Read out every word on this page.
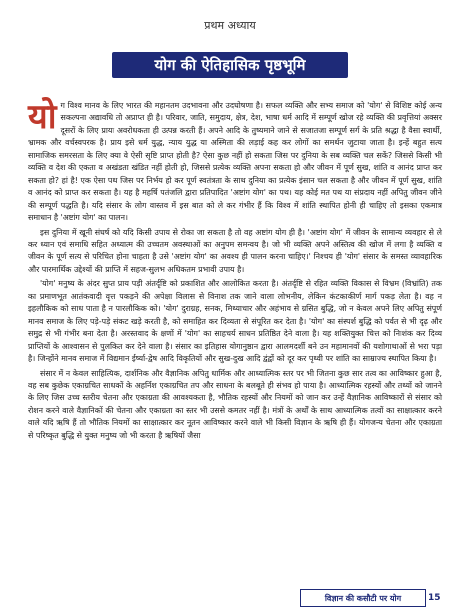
प्रथम अध्याय
योग की ऐतिहासिक पृष्ठभूमि

योग विश्व मानव के लिए भारत की महानतम उदभावना और उदघोषणा है। सफल व्यक्ति और सभ्य समाज को 'योग' से विशिष्ट कोई अन्य सकल्पना अद्यावधि तो अप्राप्त ही है। परिवार, जाति, समुदाय, क्षेत्र, देश, भाषा धर्म आदि में सम्पूर्ण खोज रहे व्यक्ति की प्रवृत्तियां अक्सर दूसरों के लिए प्रायः अवरोधकता ही उत्पन्न करती हैं। अपने आदि के तुष्यमाने जाने से सजातजा सम्पूर्ण सर्ग के प्रति श्रद्धा है वैसा स्वार्थी, भ्रामक और वर्चस्वपरक है। प्राय इसे धर्म युद्ध, न्याय युद्ध या अस्मिता की लड़ाई कह कर लोगों का समर्थन जुटाया जाता है। इन्हें बहुत सत्य सामाजिक समरसता के लिए क्या वे ऐसी सृष्टि प्राप्त होती है? ऐसा कुछ नहीं हो सकता जिस पर दुनिया के सब व्यक्ति चल सकें? जिससे किसी भी व्यक्ति व देश की एकता व अखंडता खंडित नहीं होती हो, जिससे प्रत्येक व्यक्ति अपना सकता हो और जीवन में पूर्ण सुख, शांति व आनंद प्राप्त कर सकता हो? हां है! एक ऐसा पथ जिस पर निर्भय हो कर पूर्ण स्वतंत्रता के साथ दुनिया का प्रत्येक इंसान चल सकता है और जीवन में पूर्ण सुख, शांति व आनंद को प्राप्त कर सकता है। यह है महर्षि पतंजलि द्वारा प्रतिपादित 'अष्टांग योग' का पथ। यह कोई मत पथ या संप्रदाय नहीं अपितु जीवन जीने की सम्पूर्ण पद्धति है। यदि संसार के लोग वास्तव में इस बात को ले कर गंभीर हैं कि विश्व में शांति स्थापित होनी ही चाहिए तो इसका एकमात्र समाधान है 'अष्टांग योग' का पालन।

इस दुनिया में खूनी संघर्ष को यदि किसी उपाय से रोका जा सकता है तो वह अष्टांग योग ही है। 'अष्टांग योग' में जीवन के सामान्य व्यवहार से ले कर ध्यान एवं समाधि सहित अध्यात्म की उच्चतम अवस्थाओं का अनुपम समन्वय है। जो भी व्यक्ति अपने अस्तित्व की खोज में लगा है व्यक्ति व जीवन के पूर्ण सत्य से परिचित होना चाहता है उसे 'अष्टांग योग' का अवश्य ही पालन करना चाहिए।' निश्चय ही 'योग' संसार के समस्त व्यावहारिक और पारमार्थिक उद्देश्यों की प्राप्ति में सहज-सुलभ अधिकतम प्रभावी उपाय है।

'योग' मनुष्य के अंदर सुप्त प्राय पड़ी अंतर्दृष्टि को प्रकाशित और आलोकित करता है। अंतर्दृष्टि से रहित व्यक्ति विकास से विभ्रम (विभ्रांति) तक का प्रमाणभूत आतंकवादी वृत्त पकड़ने की अपेक्षा विलास से विनाश तक जाने वाला लोभनीय, लेकिन कंटकाकीर्ण मार्ग पकड़ लेता है। वह न इहलौकिक को साध पाता है न पारलौकिक को। 'योग' दुराग्रह, सनक, मिथ्याचार और अहंभाव से ग्रसित बुद्धि, जो न केवल अपने लिए अपितु संपूर्ण मानव समाज के लिए पड़े-पड़े संकट खड़े करती है, को समाहित कर दिव्यता से संपूरित कर देता है। 'योग' का संस्पर्श बुद्धि को पर्वत से भी दृढ़ और समुद्र से भी गंभीर बना देता है। अरस्तवाद के क्षणों में 'योग' का साहचर्य साधन प्रतिष्ठित देने वाला है। यह शक्तियुक्त चित्त को निःशंक कर दिव्य प्राप्तियों के आश्वासन से पुलकित कर देने वाला है। संसार का इतिहास योगानुष्ठान द्वारा आलमदर्शी बने उन महामानवों की यशोगाथाओं से भरा पड़ा है। जिन्होंने मानव समाज में विद्यमान ईर्ष्या-द्वेष आदि विकृतियों और सुख-दुख आदि द्वंद्वों को दूर कर पृथ्वी पर शांति का साम्राज्य स्थापित किया है।

संसार में न केवल साहित्यिक, दार्शनिक और वैज्ञानिक अपितु धार्मिक और आध्यात्मिक स्तर पर भी जितना कुछ सार तत्व का आविष्कार हुआ है, वह सब कुछेक एकाग्रचित साधकों के अहर्निश एकाग्रचित तप और साधना के बलबूते ही संभव हो पाया है। आध्यात्मिक रहस्यों और तथ्यों को जानने के लिए जिस उच्च स्तरीय चेतना और एकाग्रता की आवश्यकता है, भौतिक रहस्यों और नियमों को जान कर उन्हें वैज्ञानिक आविष्कारों से संसार को रोशन करने वाले वैज्ञानिकों की चेतना और एकाग्रता का स्तर भी उससे कमतर नहीं है। मंत्रों के अर्थों के साथ आध्यात्मिक तत्वों का साक्षात्कार करने वाले यदि ऋषि हैं तो भौतिक नियमों का साक्षात्कार कर नूतन आविष्कार करने वाले भी किसी विज्ञान के ऋषि ही हैं। योगजन्य चेतना और एकाग्रता से परिष्कृत बुद्धि से युक्त मनुष्य जो भी करता है ऋषियों जैसा

विज्ञान की कसौटी पर योग	15
